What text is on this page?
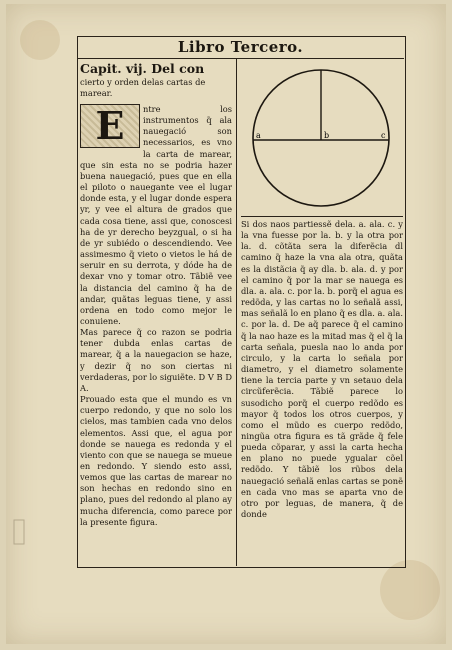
Libro Tercero.

Capit. vij. Del con

cierto y orden delas cartas de marear.

E	ntre los instrumentos q̃ ala nauegació son necessarios, es vno la carta de marear, que sin esta no se podria hazer buena nauegació, pues que en ella el piloto o nauegante vee el lugar donde esta, y el lugar donde espera yr, y vee el altura de grados que cada cosa tiene, assi que, conoscesi ha de yr derecho beyzgual, o si ha de yr subiédo o descendiendo. Vee assimesmo q̃ vieto o vietos le há de seruir en su derrota, y dóde ha de dexar vno y tomar otro. Tãbiẽ vee la distancia del camino q̃ ha de andar, quãtas leguas tiene, y assi ordena en todo como mejor le conuiene.

Mas parece q̃ co razon se podria tener dubda enlas cartas de marear, q̃ a la nauegacion se haze, y dezir q̃ no son ciertas ni verdaderas, por lo siguiẽte. D V B D A.

Prouado esta que el mundo es vn cuerpo redondo, y que no solo los cielos, mas tambien cada vno delos elementos. Assi que, el agua por donde se nauega es redonda y el viento con que se nauega se mueue en redondo. Y siendo esto assi, vemos que las cartas de marear no son hechas en redondo sino en plano, pues del redondo al plano ay mucha diferencia, como parece por la presente figura.

a	b	c

Si dos naos partiessẽ dela. a. ala. c. y la vna fuesse por la. b. y la otra por la. d. cõtãta sera la diferẽcia dl camino q̃ haze la vna ala otra, quãta es la distãcia q̃ ay dla. b. ala. d. y por el camino q̃ por la mar se nauega es dla. a. ala. c. por la. b. porq̃ el agua es redõda, y las cartas no lo señalã assi, mas señalã lo en plano q̃ es dla. a. ala. c. por la. d. De aq̃ parece q̃ el camino q̃ la nao haze es la mitad mas q̃ el q̃ la carta señala, puesla nao lo anda por circulo, y la carta lo señala por diametro, y el diametro solamente tiene la tercia parte y vn setauo dela circũferẽcia. Tãbiẽ parece lo susodicho porq̃ el cuerpo redõdo es mayor q̃ todos los otros cuerpos, y como el mũdo es cuerpo redõdo, ningũa otra figura es tã grãde q̃ fele pueda cõparar, y assi la carta hecha en plano no puede ygualar cõel redõdo. Y tãbiẽ los rũbos dela nauegació señalã enlas cartas se ponẽ en cada vno mas se aparta vno de otro por leguas, de manera, q̃ de donde
